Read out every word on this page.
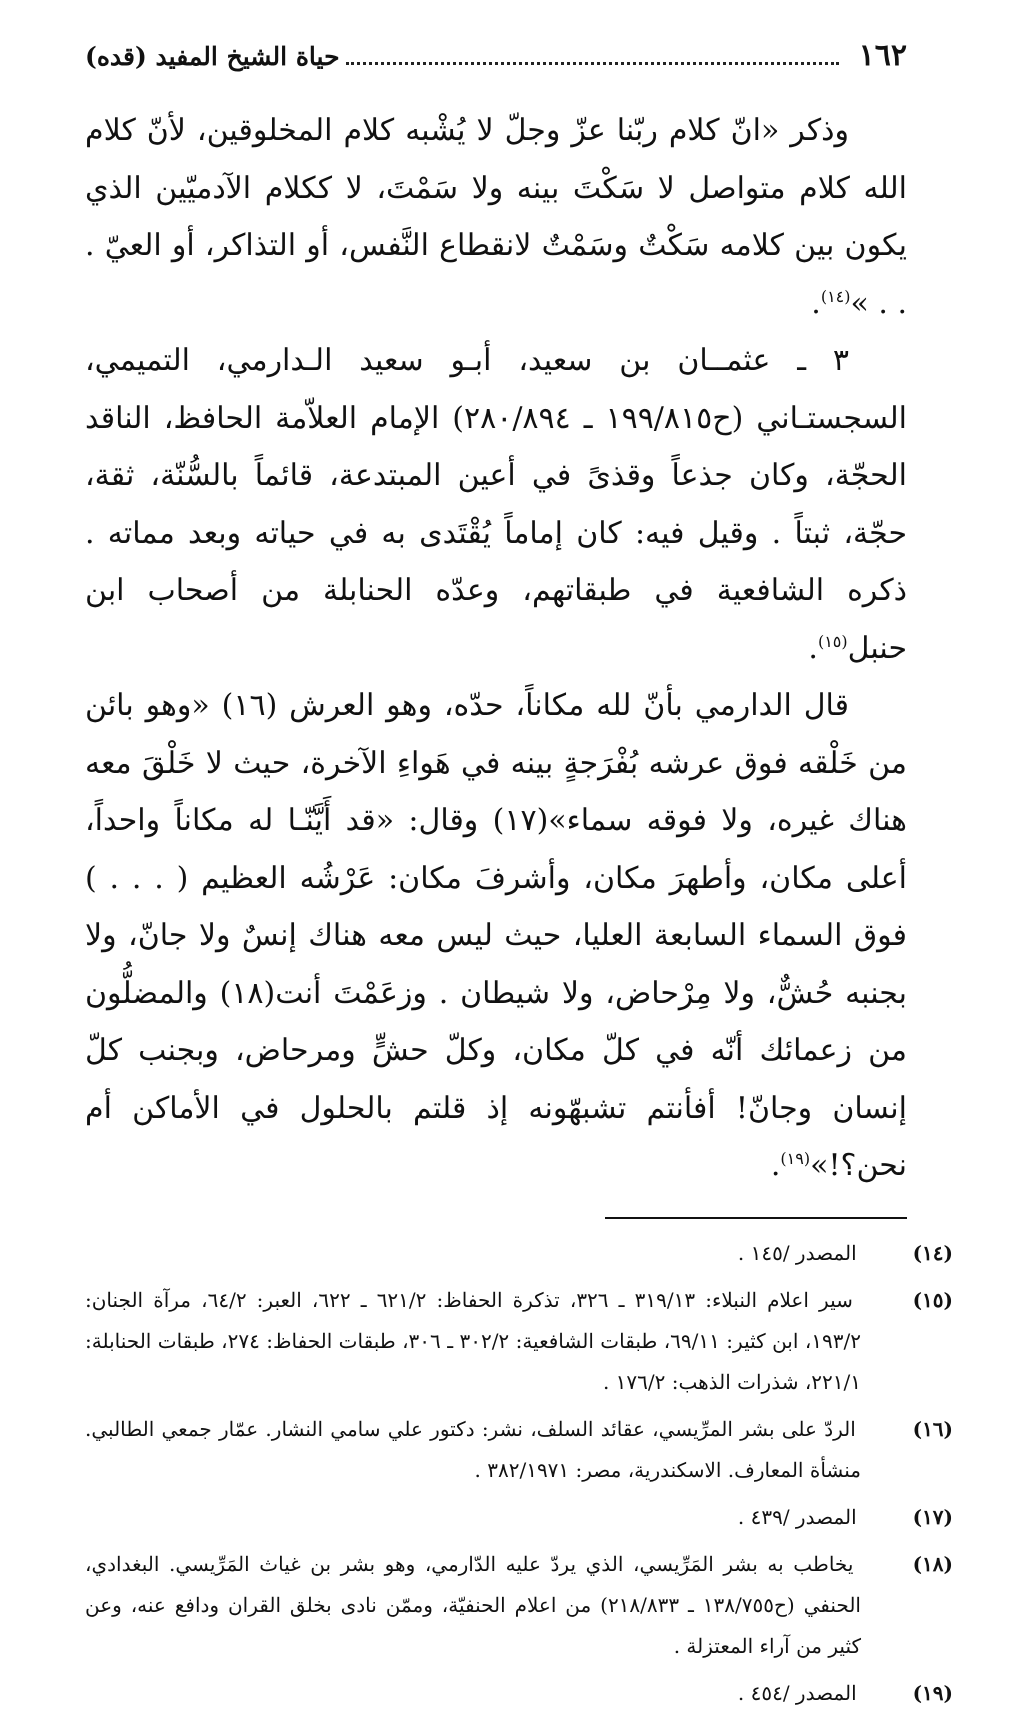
١٦٢
حياة الشيخ المفيد (قده)

وذكر «انّ كلام ربّنا عزّ وجلّ لا يُشْبه كلام المخلوقين، لأنّ كلام الله كلام متواصل لا سَكْتَ بينه ولا سَمْتَ، لا ككلام الآدميّين الذي يكون بين كلامه سَكْتٌ وسَمْتٌ لانقطاع النَّفس، أو التذاكر، أو العيّ . . . »$^{(١٤)}$.

٣ ـ عثمــان بن سعيد، أبـو سعيد الـدارمي، التميمي، السجستـاني (ح١٩٩/٨١٥ ـ ٢٨٠/٨٩٤) الإمام العلاّمة الحافظ، الناقد الحجّة، وكان جذعاً وقذىً في أعين المبتدعة، قائماً بالسُّنّة، ثقة، حجّة، ثبتاً . وقيل فيه: كان إماماً يُقْتَدى به في حياته وبعد مماته . ذكره الشافعية في طبقاتهم، وعدّه الحنابلة من أصحاب ابن حنبل$^{(١٥)}$.

قال الدارمي بأنّ لله مكاناً، حدّه، وهو العرش (١٦) «وهو بائن من خَلْقه فوق عرشه بُفْرَجةٍ بينه في هَواءِ الآخرة، حيث لا خَلْقَ معه هناك غيره، ولا فوقه سماء»(١٧) وقال: «قد أَيَّنّـا له مكاناً واحداً، أعلى مكان، وأطهرَ مكان، وأشرفَ مكان: عَرْشُه العظيم ( . . . ) فوق السماء السابعة العليا، حيث ليس معه هناك إنسٌ ولا جانّ، ولا بجنبه حُشٌّ، ولا مِرْحاض، ولا شيطان . وزعَمْتَ أنت(١٨) والمضلُّون من زعمائك أنّه في كلّ مكان، وكلّ حشٍّ ومرحاض، وبجنب كلّ إنسان وجانّ! أفأنتم تشبهّونه إذ قلتم بالحلول في الأماكن أم نحن؟!»$^{(١٩)}$.

(١٤) المصدر /١٤٥ .

(١٥) سير اعلام النبلاء: ٣١٩/١٣ ـ ٣٢٦، تذكرة الحفاظ: ٦٢١/٢ ـ ٦٢٢، العبر: ٦٤/٢، مرآة الجنان: ١٩٣/٢، ابن كثير: ٦٩/١١، طبقات الشافعية: ٣٠٢/٢ ـ ٣٠٦، طبقات الحفاظ: ٢٧٤، طبقات الحنابلة: ٢٢١/١، شذرات الذهب: ١٧٦/٢ .

(١٦) الردّ على بشر المرِّيسي، عقائد السلف، نشر: دكتور علي سامي النشار. عمّار جمعي الطالبي. منشأة المعارف. الاسكندرية، مصر: ٣٨٢/١٩٧١ .

(١٧) المصدر /٤٣٩ .

(١٨) يخاطب به بشر المَرِّيسي، الذي يردّ عليه الدّارمي، وهو بشر بن غياث المَرِّيسي. البغدادي، الحنفي (ح١٣٨/٧٥٥ ـ ٢١٨/٨٣٣) من اعلام الحنفيّة، وممّن نادى بخلق القران ودافع عنه، وعن كثير من آراء المعتزلة .

(١٩) المصدر /٤٥٤ .
